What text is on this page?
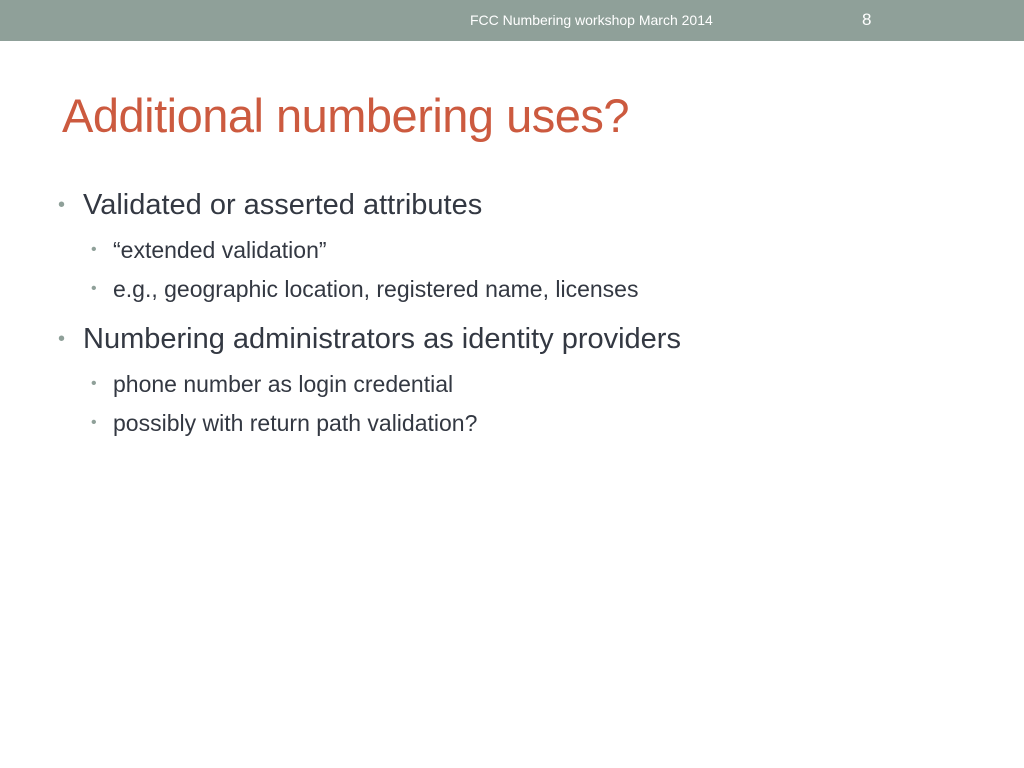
FCC Numbering workshop March 2014	8
Additional numbering uses?
• Validated or asserted attributes
• “extended validation”
• e.g., geographic location, registered name, licenses
• Numbering administrators as identity providers
• phone number as login credential
• possibly with return path validation?
